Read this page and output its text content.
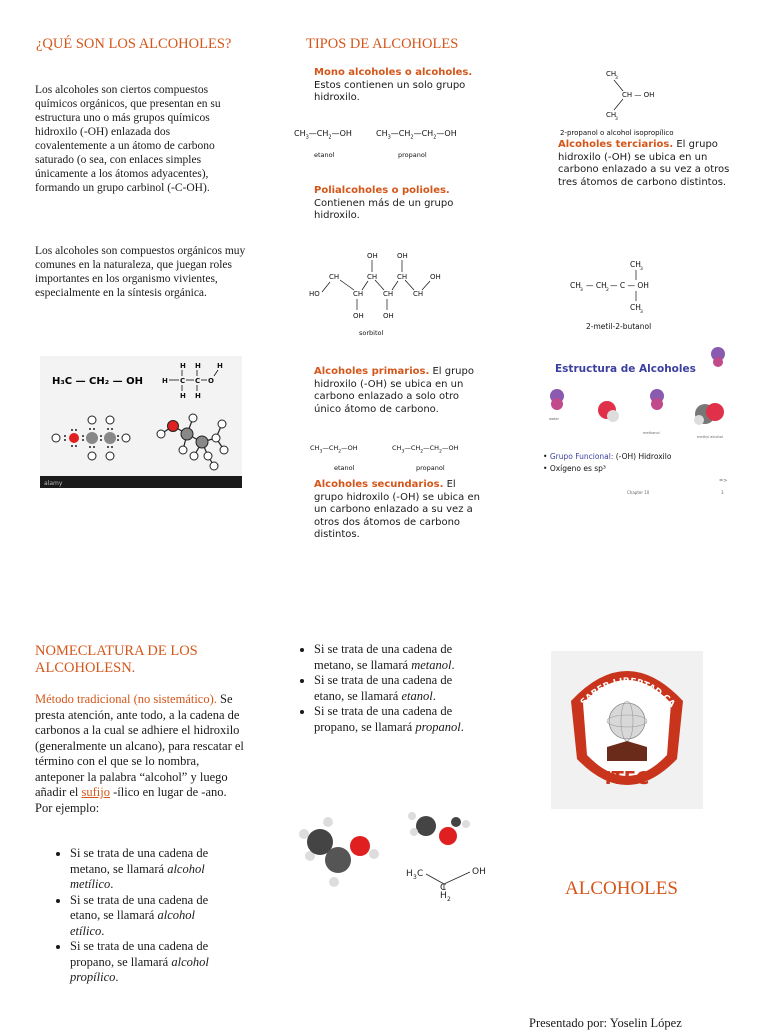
¿QUÉ SON LOS ALCOHOLES?
Los alcoholes son ciertos compuestos químicos orgánicos, que presentan en su estructura uno o más grupos químicos hidroxilo (-OH) enlazada dos covalentemente a un átomo de carbono saturado (o sea, con enlaces simples únicamente a los átomos adyacentes), formando un grupo carbinol (-C-OH).
Los alcoholes son compuestos orgánicos muy comunes en la naturaleza, que juegan roles importantes en los organismo vivientes, especialmente en la síntesis orgánica.
H₃C — CH₂ — OH
H H H
H C C O
H H
alamy
TIPOS DE ALCOHOLES
Mono alcoholes o alcoholes. Estos contienen un solo grupo hidroxilo.
$CH_3—CH_2—OH$	$CH_3—CH_2—CH_2—OH$
etanol	propanol
Polialcoholes o polioles. Contienen más de un grupo hidroxilo.
OH	OH
CH	CH	CH	OH
HO	CH	CH	CH
OH	OH
sorbitol
Alcoholes primarios. El grupo hidroxilo (-OH) se ubica en un carbono enlazado a solo otro único átomo de carbono.
$CH_3—CH_2—OH$	$CH_3—CH_2—CH_2—OH$
etanol	propanol
Alcoholes secundarios. El grupo hidroxilo (-OH) se ubica en un carbono enlazado a su vez a otros dos átomos de carbono distintos.
CH
3
CH — OH
CH
3
2-propanol o alcohol isopropílico
Alcoholes terciarios. El grupo hidroxilo (-OH) se ubica en un carbono enlazado a su vez a otros tres átomos de carbono distintos.
CH
3
CH
3
— CH
2
— C — OH
CH
3
2-metil-2-butanol
Estructura de Alcoholes
water
methanol
methyl alcohol
• Grupo Funcional: (-OH) Hidroxilo
• Oxígeno es sp³
=>
Chapter 10	3
NOMECLATURA DE LOS ALCOHOLESN.
Método tradicional (no sistemático). Se presta atención, ante todo, a la cadena de carbonos a la cual se adhiere el hidroxilo (generalmente un alcano), para rescatar el término con el que se lo nombra, anteponer la palabra “alcohol” y luego añadir el sufijo -ílico en lugar de -ano. Por ejemplo:
• Si se trata de una cadena de metano, se llamará alcohol metílico.
• Si se trata de una cadena de etano, se llamará alcohol etílico.
• Si se trata de una cadena de propano, se llamará alcohol propílico.
• Si se trata de una cadena de metano, se llamará metanol.
• Si se trata de una cadena de etano, se llamará etanol.
• Si se trata de una cadena de propano, se llamará propanol.
H 3 C	OH
H 2
C
SABER LIBERTAD CA
ITEC
ALCOHOLES
Presentado por: Yoselin López
